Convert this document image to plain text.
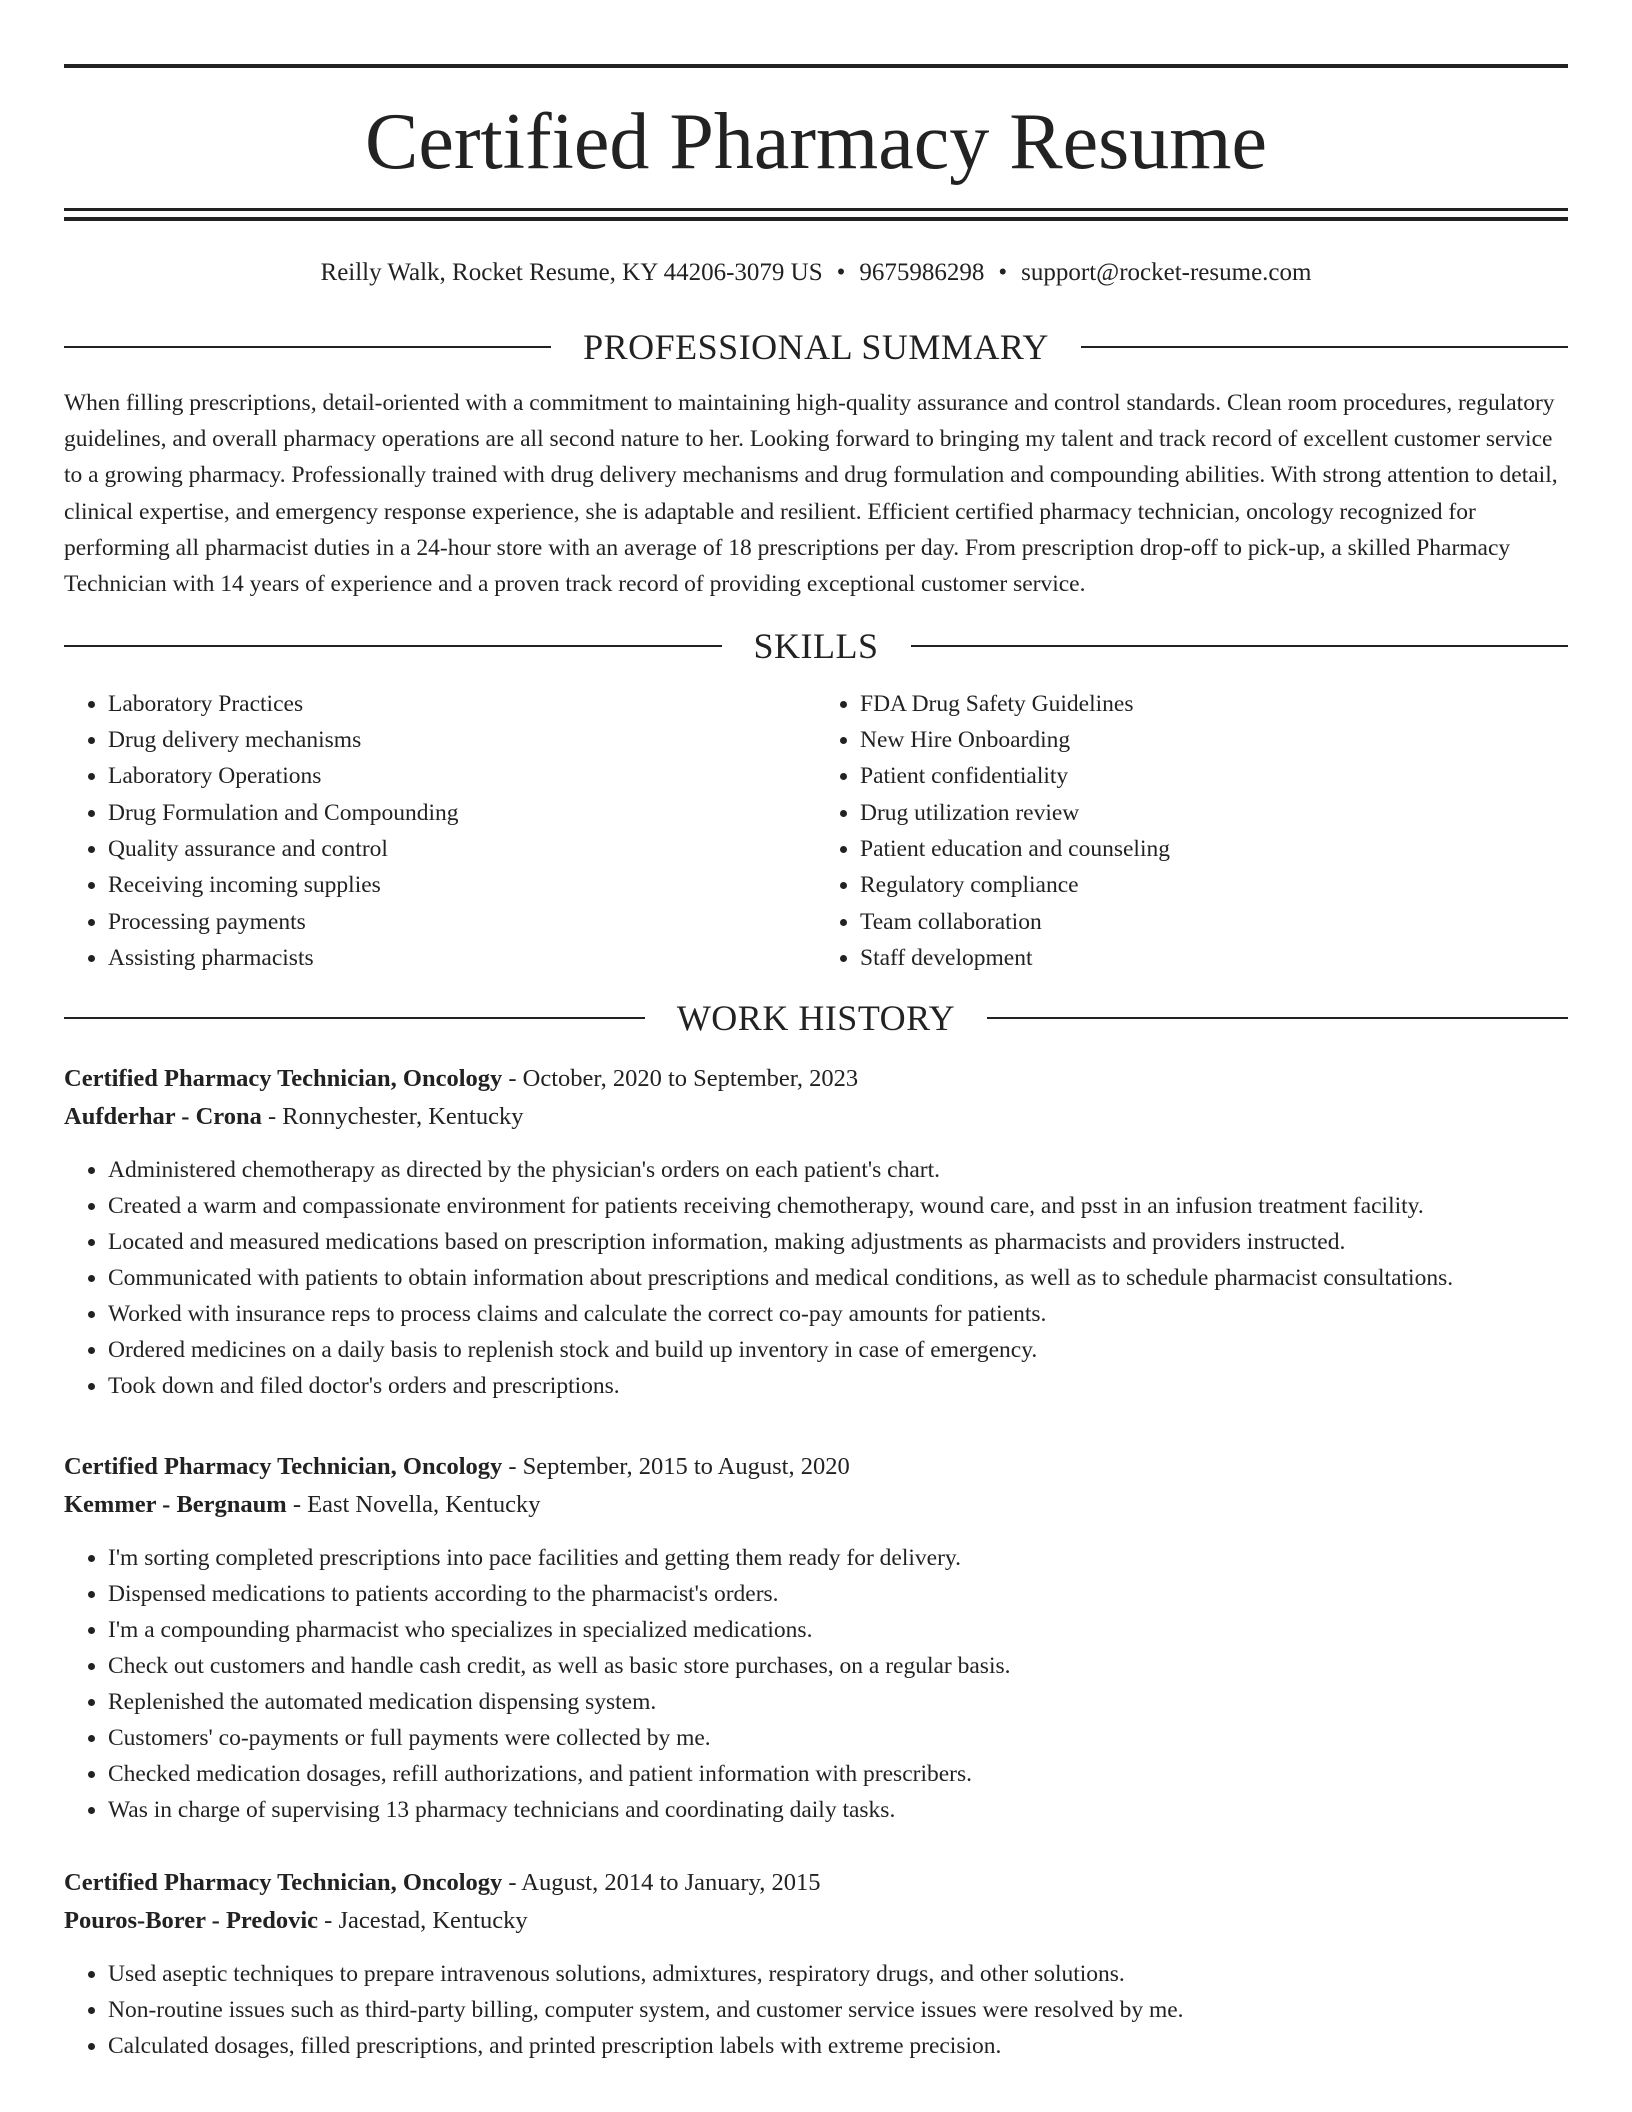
Certified Pharmacy Resume
Reilly Walk, Rocket Resume, KY 44206-3079 US • 9675986298 • support@rocket-resume.com
PROFESSIONAL SUMMARY

When filling prescriptions, detail-oriented with a commitment to maintaining high-quality assurance and control standards. Clean room procedures, regulatory guidelines, and overall pharmacy operations are all second nature to her. Looking forward to bringing my talent and track record of excellent customer service to a growing pharmacy. Professionally trained with drug delivery mechanisms and drug formulation and compounding abilities. With strong attention to detail, clinical expertise, and emergency response experience, she is adaptable and resilient. Efficient certified pharmacy technician, oncology recognized for performing all pharmacist duties in a 24-hour store with an average of 18 prescriptions per day. From prescription drop-off to pick-up, a skilled Pharmacy Technician with 14 years of experience and a proven track record of providing exceptional customer service.

SKILLS
• Laboratory Practices
• Drug delivery mechanisms
• Laboratory Operations
• Drug Formulation and Compounding
• Quality assurance and control
• Receiving incoming supplies
• Processing payments
• Assisting pharmacists
• FDA Drug Safety Guidelines
• New Hire Onboarding
• Patient confidentiality
• Drug utilization review
• Patient education and counseling
• Regulatory compliance
• Team collaboration
• Staff development
WORK HISTORY
Certified Pharmacy Technician, Oncology - October, 2020 to September, 2023
Aufderhar - Crona - Ronnychester, Kentucky
• Administered chemotherapy as directed by the physician's orders on each patient's chart.
• Created a warm and compassionate environment for patients receiving chemotherapy, wound care, and psst in an infusion treatment facility.
• Located and measured medications based on prescription information, making adjustments as pharmacists and providers instructed.
• Communicated with patients to obtain information about prescriptions and medical conditions, as well as to schedule pharmacist consultations.
• Worked with insurance reps to process claims and calculate the correct co-pay amounts for patients.
• Ordered medicines on a daily basis to replenish stock and build up inventory in case of emergency.
• Took down and filed doctor's orders and prescriptions.
Certified Pharmacy Technician, Oncology - September, 2015 to August, 2020
Kemmer - Bergnaum - East Novella, Kentucky
• I'm sorting completed prescriptions into pace facilities and getting them ready for delivery.
• Dispensed medications to patients according to the pharmacist's orders.
• I'm a compounding pharmacist who specializes in specialized medications.
• Check out customers and handle cash credit, as well as basic store purchases, on a regular basis.
• Replenished the automated medication dispensing system.
• Customers' co-payments or full payments were collected by me.
• Checked medication dosages, refill authorizations, and patient information with prescribers.
• Was in charge of supervising 13 pharmacy technicians and coordinating daily tasks.
Certified Pharmacy Technician, Oncology - August, 2014 to January, 2015
Pouros-Borer - Predovic - Jacestad, Kentucky
• Used aseptic techniques to prepare intravenous solutions, admixtures, respiratory drugs, and other solutions.
• Non-routine issues such as third-party billing, computer system, and customer service issues were resolved by me.
• Calculated dosages, filled prescriptions, and printed prescription labels with extreme precision.
